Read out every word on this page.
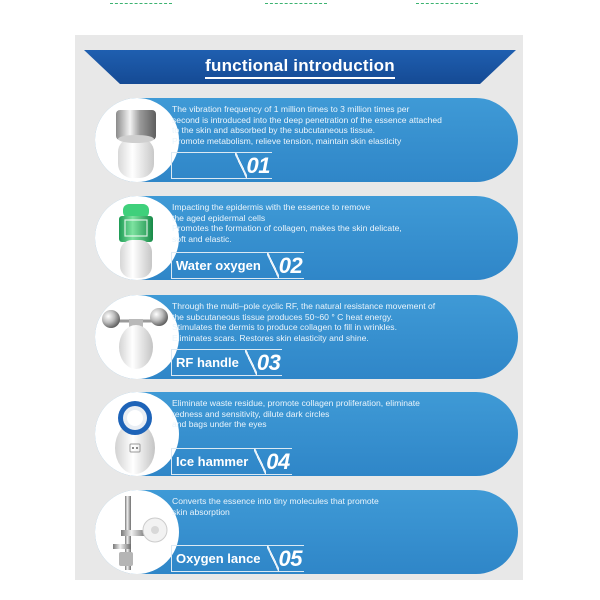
functional introduction
The vibration frequency of 1 million times to 3 million times per
second is introduced into the deep penetration of the essence attached
to the skin and absorbed by the subcutaneous tissue.
Promote metabolism, relieve tension, maintain skin elasticity
01
Impacting the epidermis with the essence to remove
the aged epidermal cells
Promotes the formation of collagen, makes the skin delicate,
soft and elastic.
Water oxygen 02
Through the multi–pole cyclic RF, the natural resistance movement of
the subcutaneous tissue produces 50~60 ° C heat energy.
Stimulates the dermis to produce collagen to fill in wrinkles.
Eliminates scars. Restores skin elasticity and shine.
RF handle 03
Eliminate waste residue, promote collagen proliferation, eliminate
redness and sensitivity, dilute dark circles
and bags under the eyes
Ice hammer 04
Converts the essence into tiny molecules that promote
skin absorption
Oxygen lance 05
